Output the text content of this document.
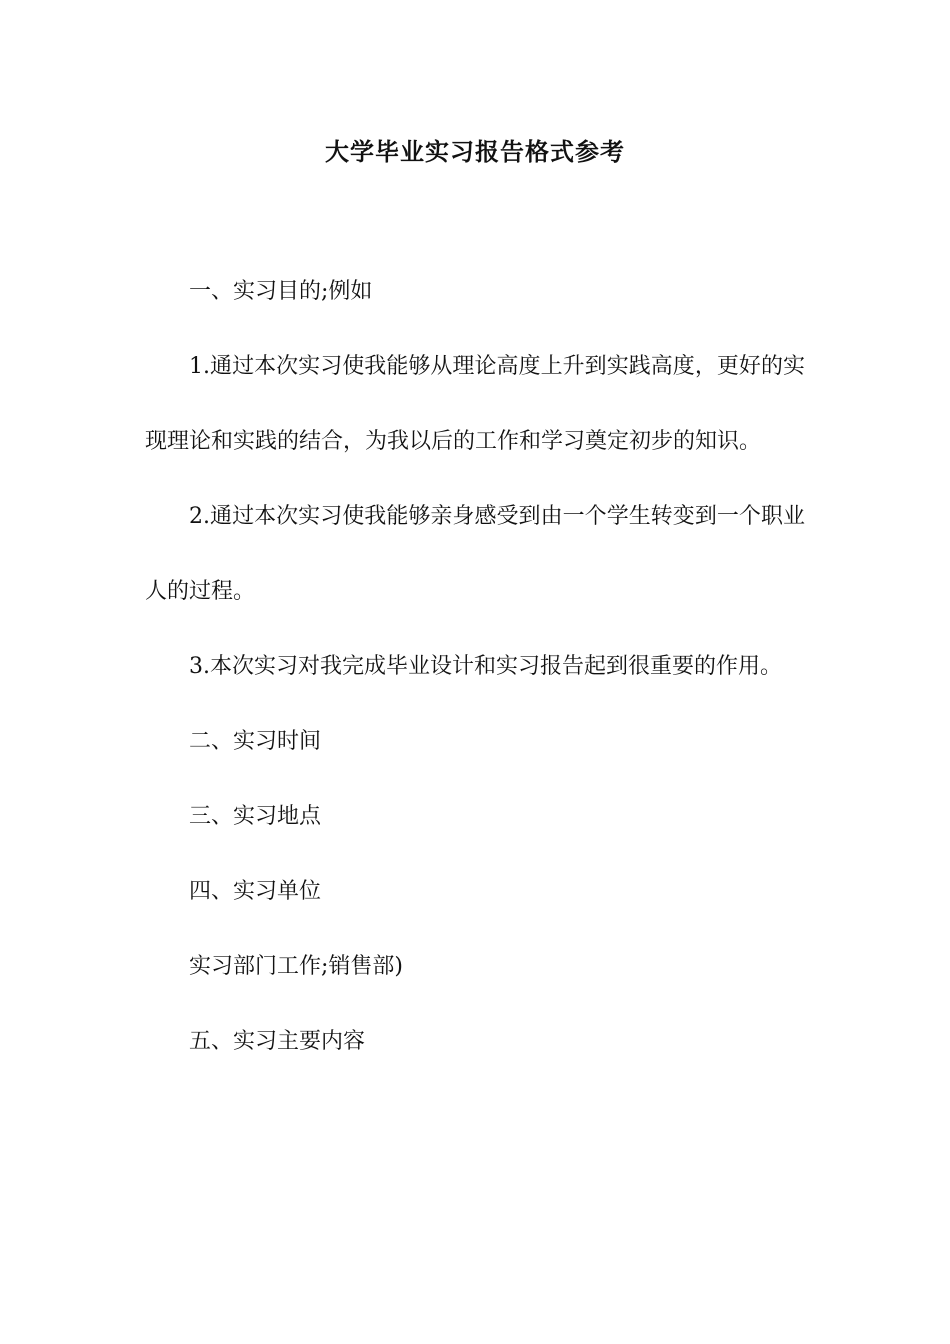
大学毕业实习报告格式参考

一、实习目的;例如

1.通过本次实习使我能够从理论高度上升到实践高度，更好的实现理论和实践的结合，为我以后的工作和学习奠定初步的知识。

2.通过本次实习使我能够亲身感受到由一个学生转变到一个职业人的过程。

3.本次实习对我完成毕业设计和实习报告起到很重要的作用。

二、实习时间

三、实习地点

四、实习单位

实习部门工作;销售部)

五、实习主要内容
